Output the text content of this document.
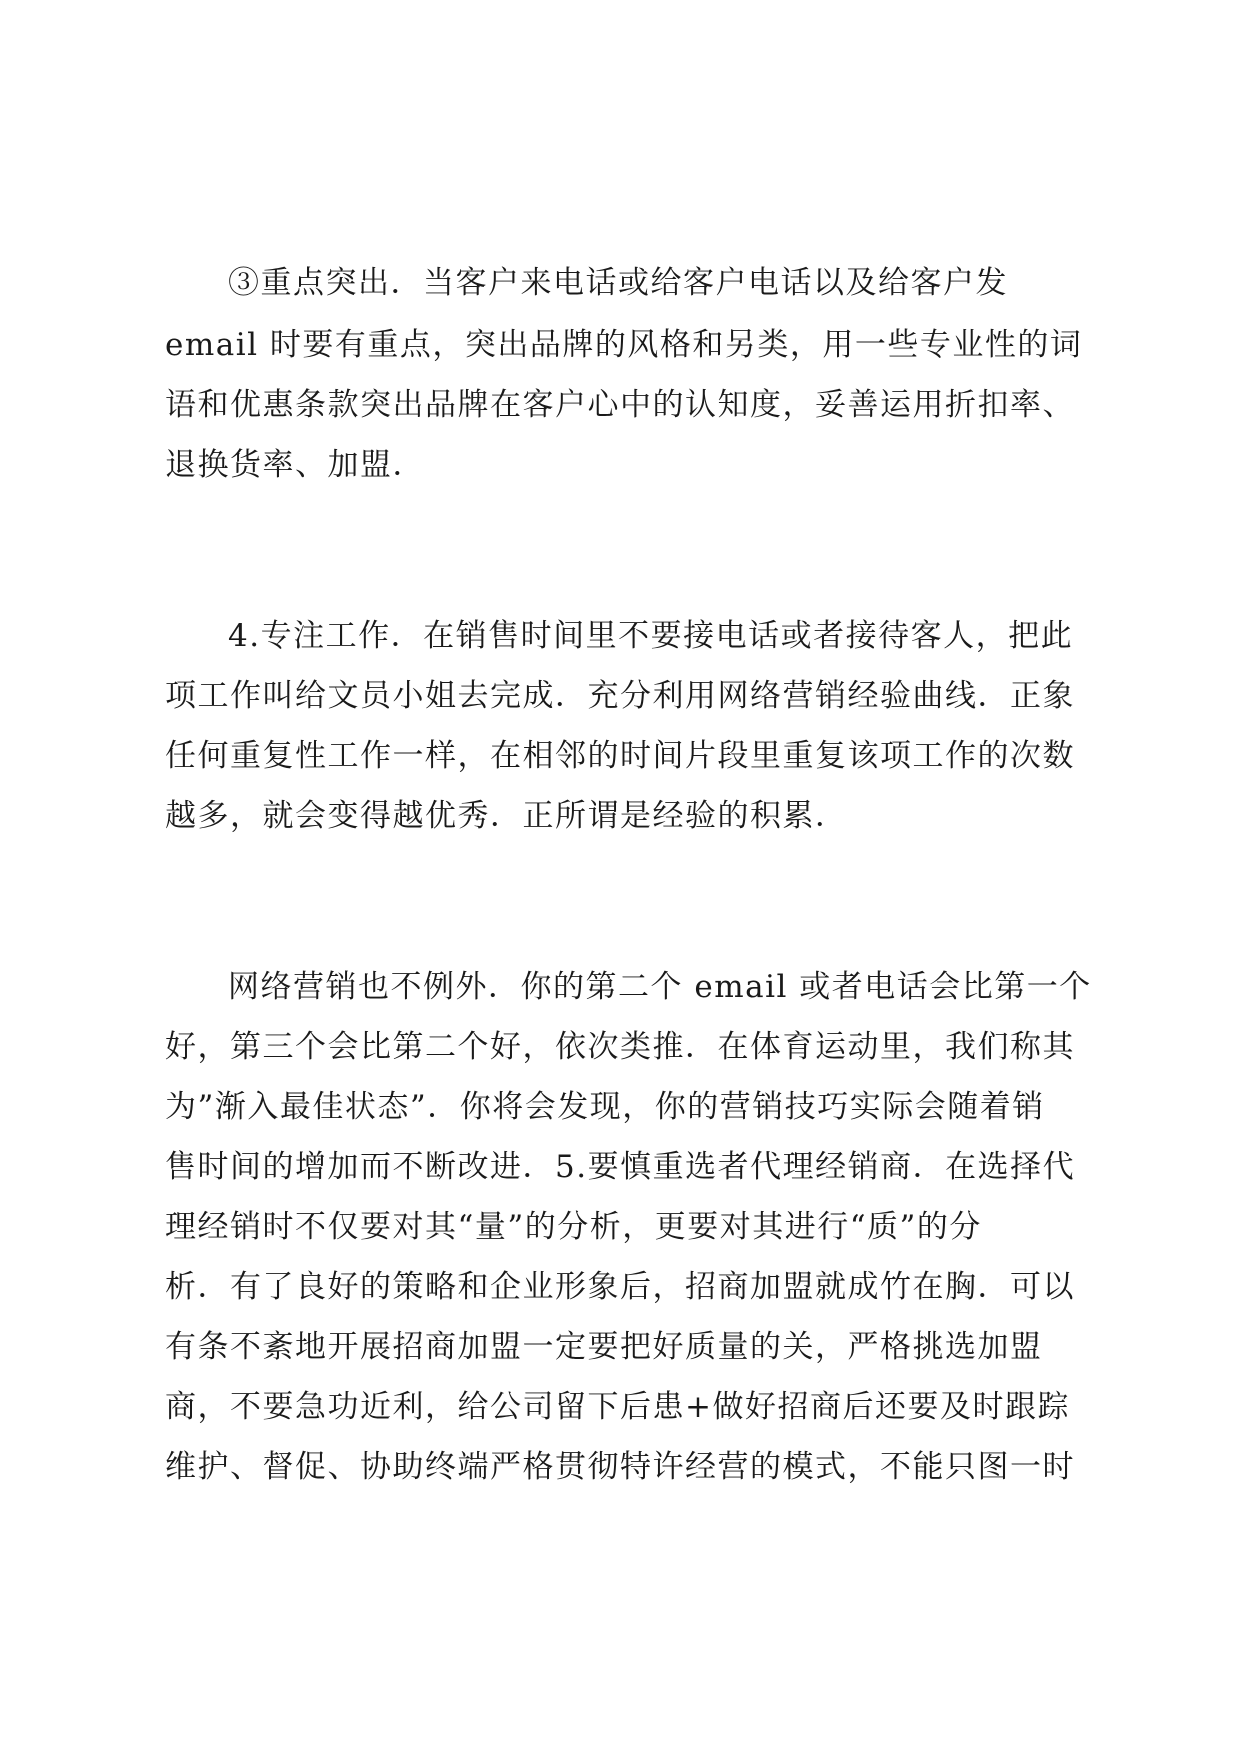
③重点突出．当客户来电话或给客户电话以及给客户发
email 时要有重点，突出品牌的风格和另类，用一些专业性的词
语和优惠条款突出品牌在客户心中的认知度，妥善运用折扣率、
退换货率、加盟．
4.专注工作．在销售时间里不要接电话或者接待客人，把此
项工作叫给文员小姐去完成．充分利用网络营销经验曲线．正象
任何重复性工作一样，在相邻的时间片段里重复该项工作的次数
越多，就会变得越优秀．正所谓是经验的积累．
网络营销也不例外．你的第二个 email 或者电话会比第一个
好，第三个会比第二个好，依次类推．在体育运动里，我们称其
为”渐入最佳状态”．你将会发现，你的营销技巧实际会随着销
售时间的增加而不断改进．5.要慎重选者代理经销商．在选择代
理经销时不仅要对其“量”的分析，更要对其进行“质”的分
析．有了良好的策略和企业形象后，招商加盟就成竹在胸．可以
有条不紊地开展招商加盟一定要把好质量的关，严格挑选加盟
商，不要急功近利，给公司留下后患+做好招商后还要及时跟踪
维护、督促、协助终端严格贯彻特许经营的模式，不能只图一时
